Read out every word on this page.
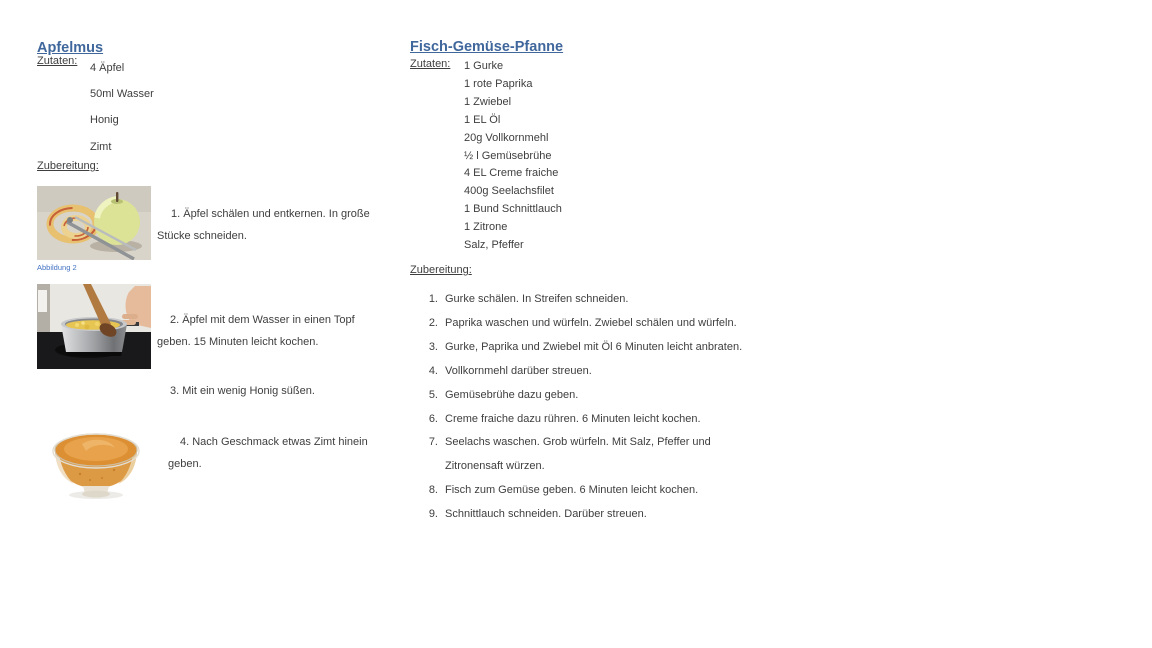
Apfelmus
Zutaten:
4 Äpfel
50ml Wasser
Honig
Zimt
Zubereitung:
Abbildung 2

1. Äpfel schälen und entkernen. In große Stücke schneiden.

2. Äpfel mit dem Wasser in einen Topf geben. 15 Minuten leicht kochen.

3. Mit ein wenig Honig süßen.

4. Nach Geschmack etwas Zimt hinein geben.

Fisch-Gemüse-Pfanne
Zutaten: 1 Gurke
1 rote Paprika
1 Zwiebel
1 EL Öl
20g Vollkornmehl
½ l Gemüsebrühe
4 EL Creme fraiche
400g Seelachsfilet
1 Bund Schnittlauch
1 Zitrone
Salz, Pfeffer
Zubereitung:
1. Gurke schälen. In Streifen schneiden.
2. Paprika waschen und würfeln. Zwiebel schälen und würfeln.
3. Gurke, Paprika und Zwiebel mit Öl 6 Minuten leicht anbraten.
4. Vollkornmehl darüber streuen.
5. Gemüsebrühe dazu geben.
6. Creme fraiche dazu rühren. 6 Minuten leicht kochen.
7. Seelachs waschen. Grob würfeln. Mit Salz, Pfeffer und Zitronensaft würzen.
8. Fisch zum Gemüse geben. 6 Minuten leicht kochen.
9. Schnittlauch schneiden. Darüber streuen.
